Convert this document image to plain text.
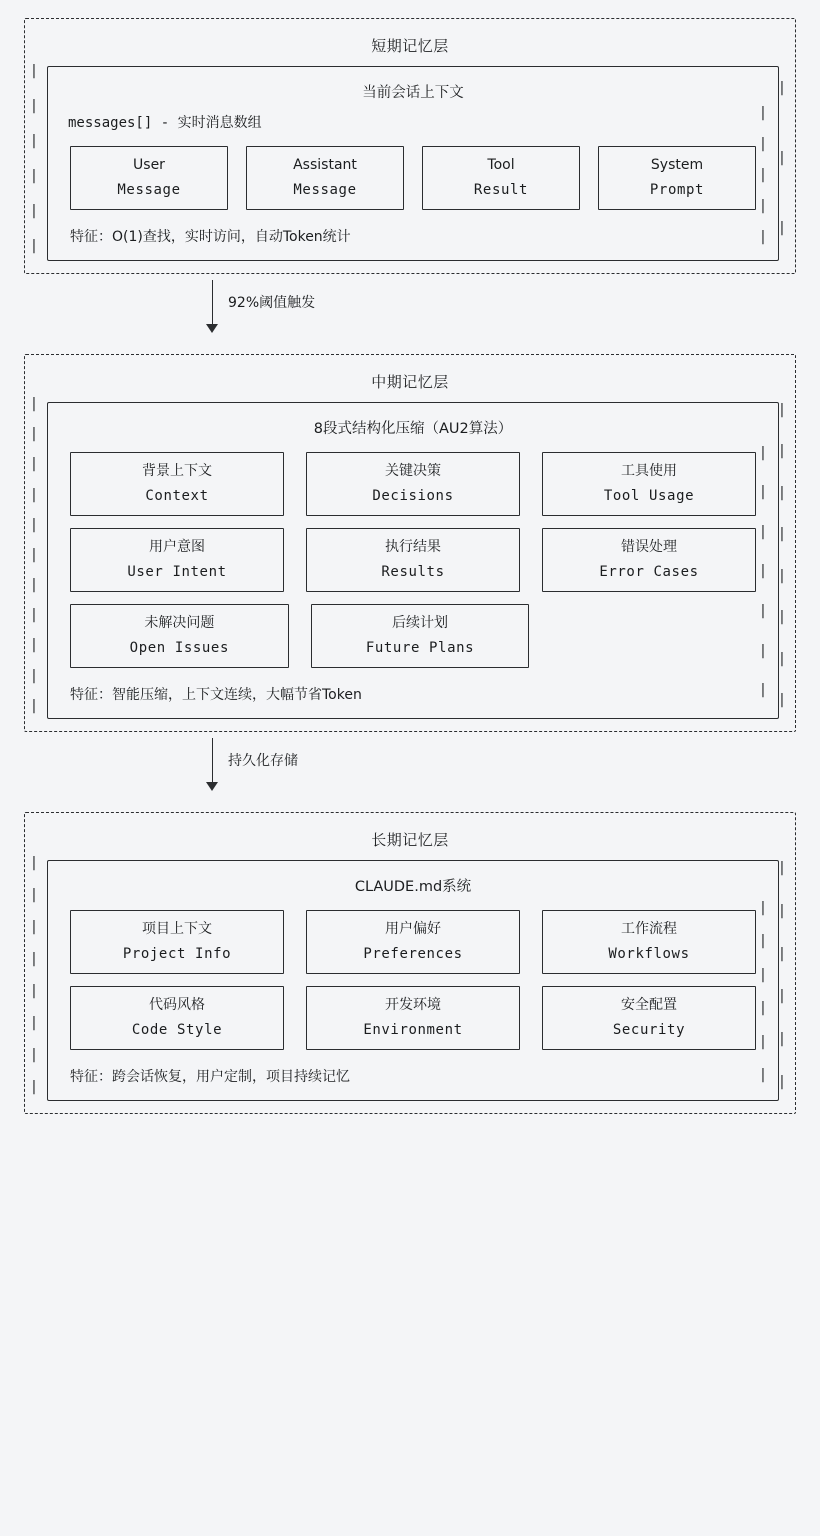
短期记忆层
|
|
|
|
|
|
|
|
|
当前会话上下文
messages[] - 实时消息数组
|
|
|
|
|
User
Message
Assistant
Message
Tool
Result
System
Prompt
特征：O(1)查找，实时访问，自动Token统计
92%阈值触发
中期记忆层
|
|
|
|
|
|
|
|
|
|
|
|
|
|
|
|
|
|
|
8段式结构化压缩（AU2算法）
|
|
|
|
|
|
|
背景上下文
Context
关键决策
Decisions
工具使用
Tool Usage
用户意图
User Intent
执行结果
Results
错误处理
Error Cases
未解决问题
Open Issues
后续计划
Future Plans
特征：智能压缩，上下文连续，大幅节省Token
持久化存储
长期记忆层
|
|
|
|
|
|
|
|
|
|
|
|
|
|
CLAUDE.md系统
|
|
|
|
|
|
项目上下文
Project Info
用户偏好
Preferences
工作流程
Workflows
代码风格
Code Style
开发环境
Environment
安全配置
Security
特征：跨会话恢复，用户定制，项目持续记忆
